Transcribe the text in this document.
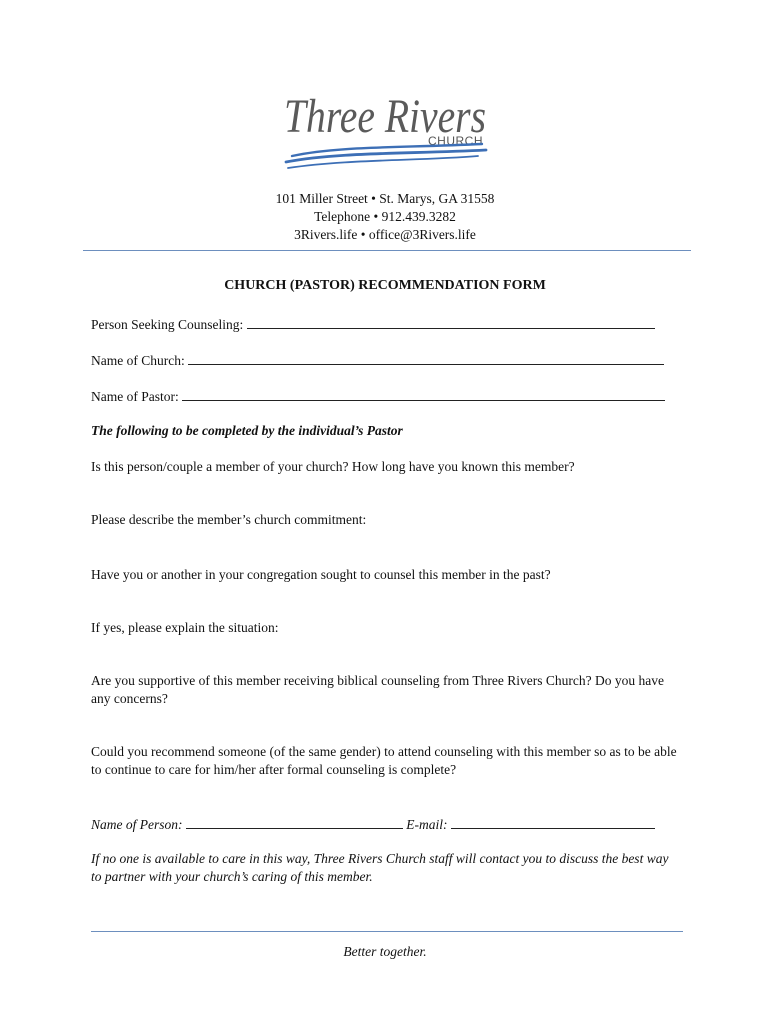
Three Rivers
CHURCH
101 Miller Street • St. Marys, GA 31558
Telephone • 912.439.3282
3Rivers.life • office@3Rivers.life
CHURCH (PASTOR) RECOMMENDATION FORM
Person Seeking Counseling:
Name of Church:
Name of Pastor:
The following to be completed by the individual’s Pastor
Is this person/couple a member of your church? How long have you known this member?
Please describe the member’s church commitment:
Have you or another in your congregation sought to counsel this member in the past?
If yes, please explain the situation:
Are you supportive of this member receiving biblical counseling from Three Rivers Church? Do you have any concerns?
Could you recommend someone (of the same gender) to attend counseling with this member so as to be able to continue to care for him/her after formal counseling is complete?
Name of Person:	E-mail:
If no one is available to care in this way, Three Rivers Church staff will contact you to discuss the best way to partner with your church’s caring of this member.
Better together.
